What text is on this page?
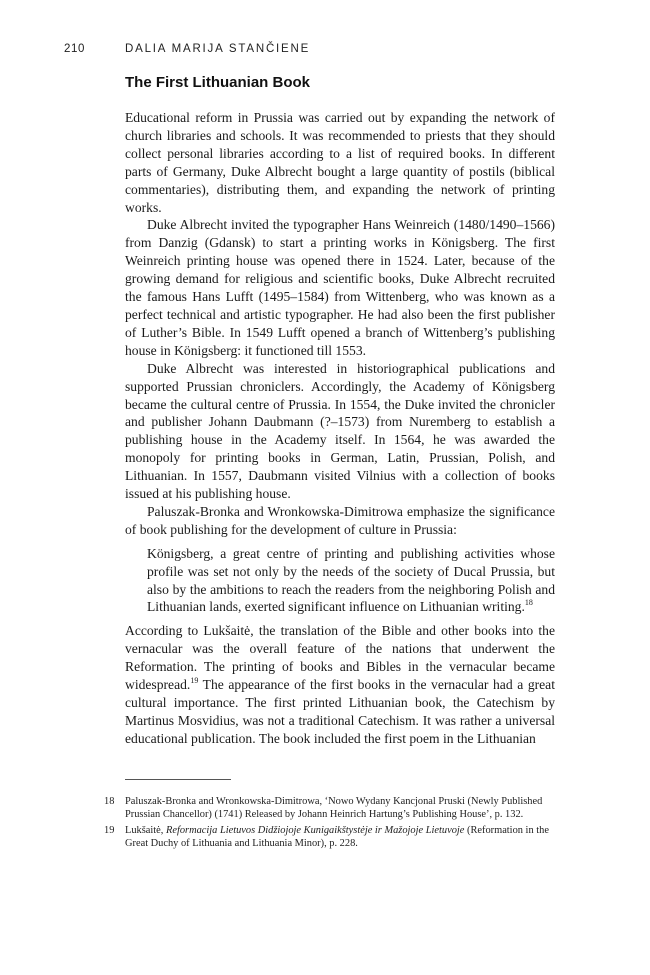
210	DALIA MARIJA STANČIENE
The First Lithuanian Book

Educational reform in Prussia was carried out by expanding the network of church libraries and schools. It was recommended to priests that they should collect personal libraries according to a list of required books. In different parts of Germany, Duke Albrecht bought a large quantity of postils (biblical commentaries), distributing them, and expanding the network of printing works.

Duke Albrecht invited the typographer Hans Weinreich (1480/1490–1566) from Danzig (Gdansk) to start a printing works in Königsberg. The first Weinreich printing house was opened there in 1524. Later, because of the growing demand for religious and scientific books, Duke Albrecht recruited the famous Hans Lufft (1495–1584) from Wittenberg, who was known as a perfect technical and artistic typographer. He had also been the first publisher of Luther’s Bible. In 1549 Lufft opened a branch of Wittenberg’s publishing house in Königsberg: it functioned till 1553.

Duke Albrecht was interested in historiographical publications and supported Prussian chroniclers. Accordingly, the Academy of Königsberg became the cultural centre of Prussia. In 1554, the Duke invited the chronicler and publisher Johann Daubmann (?–1573) from Nuremberg to establish a publishing house in the Academy itself. In 1564, he was awarded the monopoly for printing books in German, Latin, Prussian, Polish, and Lithuanian. In 1557, Daubmann visited Vilnius with a collection of books issued at his publishing house.

Paluszak-Bronka and Wronkowska-Dimitrowa emphasize the significance of book publishing for the development of culture in Prussia:

Königsberg, a great centre of printing and publishing activities whose profile was set not only by the needs of the society of Ducal Prussia, but also by the ambitions to reach the readers from the neighboring Polish and Lithuanian lands, exerted significant influence on Lithuanian writing.$^{18}$

According to Lukšaitė, the translation of the Bible and other books into the vernacular was the overall feature of the nations that underwent the Reformation. The printing of books and Bibles in the vernacular became widespread.$^{19}$ The appearance of the first books in the vernacular had a great cultural importance. The first printed Lithuanian book, the Catechism by Martinus Mosvidius, was not a traditional Catechism. It was rather a universal educational publication. The book included the first poem in the Lithuanian

18	Paluszak-Bronka and Wronkowska-Dimitrowa, ‘Nowo Wydany Kancjonal Pruski (Newly Published Prussian Chancellor) (1741) Released by Johann Heinrich Hartung’s Publishing House’, p. 132.
19	Lukšaitė, Reformacija Lietuvos Didžiojoje Kunigaikštystėje ir Mažojoje Lietuvoje (Reformation in the Great Duchy of Lithuania and Lithuania Minor), p. 228.
